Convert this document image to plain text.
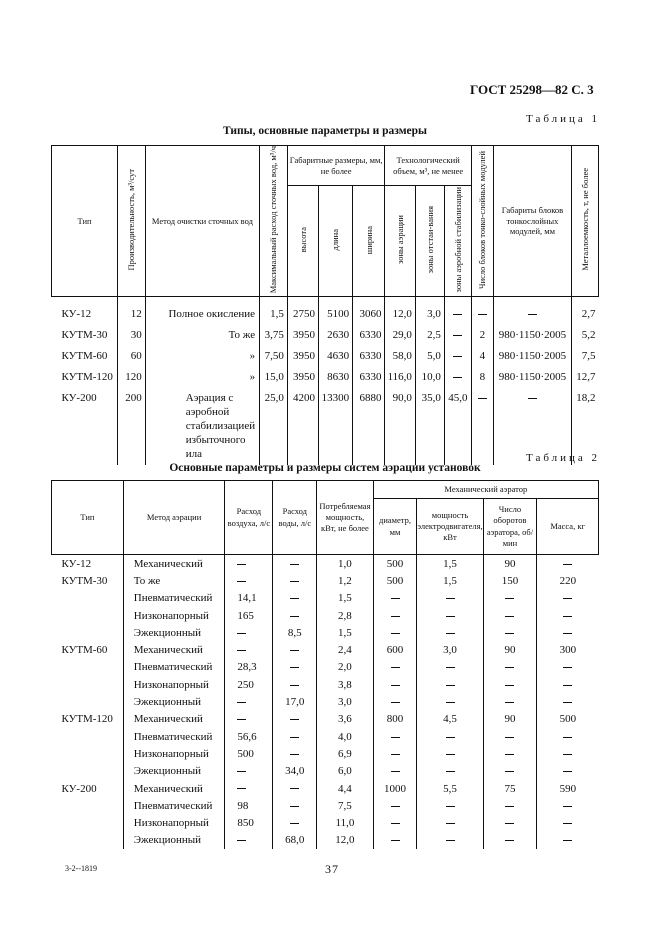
ГОСТ 25298—82 С. 3
Таблица 1
Типы, основные параметры и размеры
Тип	Производительность, м³/сут	Метод очистки сточных вод	Максимальный расход сточных вод, м³/ч	Габаритные размеры, мм, не более			Технологический объем, м³, не менее			Число блоков тонко-слойных модулей	Габариты блоков тонкослойных модулей, мм	Металлоемкость, т, не более
				высота	длина	ширина	зоны аэрации	зоны отстаи-вания	зоны аэробной стабилизации			
КУ-12	12	Полное окисление	1,5	2750	5100	3060	12,0	3,0				2,7
КУТМ-30	30	То же	3,75	3950	2630	6330	29,0	2,5		2	980·1150·2005	5,2
КУТМ-60	60	»	7,50	3950	4630	6330	58,0	5,0		4	980·1150·2005	7,5
КУТМ-120	120	»	15,0	3950	8630	6330	116,0	10,0		8	980·1150·2005	12,7
КУ-200	200	Аэрация с аэробной стабилизацией избыточного ила	25,0	4200	13300	6880	90,0	35,0	45,0			18,2
Таблица 2
Основные параметры и размеры систем аэрации установок
Тип	Метод аэрации	Расход воздуха, л/с	Расход воды, л/с	Потребляемая мощность, кВт, не более	Механический аэратор			
					диаметр, мм	мощность электродвигателя, кВт	Число оборотов аэратора, об/мин	Масса, кг
КУ-12	Механический			1,0	500	1,5	90	
КУТМ-30	То же			1,2	500	1,5	150	220
	Пневматический	14,1		1,5				
	Низконапорный	165		2,8				
	Эжекционный		8,5	1,5				
КУТМ-60	Механический			2,4	600	3,0	90	300
	Пневматический	28,3		2,0				
	Низконапорный	250		3,8				
	Эжекционный		17,0	3,0				
КУТМ-120	Механический			3,6	800	4,5	90	500
	Пневматический	56,6		4,0				
	Низконапорный	500		6,9				
	Эжекционный		34,0	6,0				
КУ-200	Механический			4,4	1000	5,5	75	590
	Пневматический	98		7,5				
	Низконапорный	850		11,0				
	Эжекционный		68,0	12,0				
3-2--1819	37
